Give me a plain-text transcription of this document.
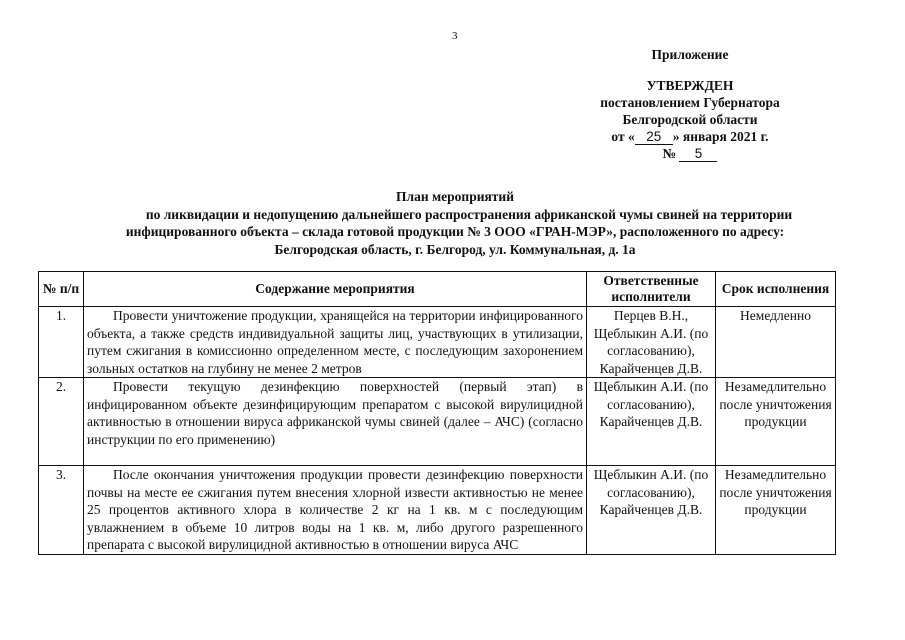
3
Приложение
УТВЕРЖДЕН
постановлением Губернатора
Белгородской области
от « 25 » января 2021 г.
№ 5
План мероприятий
по ликвидации и недопущению дальнейшего распространения африканской чумы свиней на территории
инфицированного объекта – склада готовой продукции № 3 ООО «ГРАН-МЭР», расположенного по адресу:
Белгородская область, г. Белгород, ул. Коммунальная, д. 1а
№ п/п	Содержание мероприятия	Ответственные исполнители	Срок исполнения
1.	Провести уничтожение продукции, хранящейся на территории инфицированного объекта, а также средств индивидуальной защиты лиц, участвующих в утилизации, путем сжигания в комиссионно определенном месте, с последующим захоронением зольных остатков на глубину не менее 2 метров	Перцев В.Н., Щеблыкин А.И. (по согласованию), Карайченцев Д.В.	Немедленно
2.	Провести текущую дезинфекцию поверхностей (первый этап) в инфицированном объекте дезинфицирующим препаратом с высокой вирулицидной активностью в отношении вируса африканской чумы свиней (далее – АЧС) (согласно инструкции по его применению)	Щеблыкин А.И. (по согласованию), Карайченцев Д.В.	Незамедлительно после уничтожения продукции
3.	После окончания уничтожения продукции провести дезинфекцию поверхности почвы на месте ее сжигания путем внесения хлорной извести активностью не менее 25 процентов активного хлора в количестве 2 кг на 1 кв. м с последующим увлажнением в объеме 10 литров воды на 1 кв. м, либо другого разрешенного препарата с высокой вирулицидной активностью в отношении вируса АЧС	Щеблыкин А.И. (по согласованию), Карайченцев Д.В.	Незамедлительно после уничтожения продукции
